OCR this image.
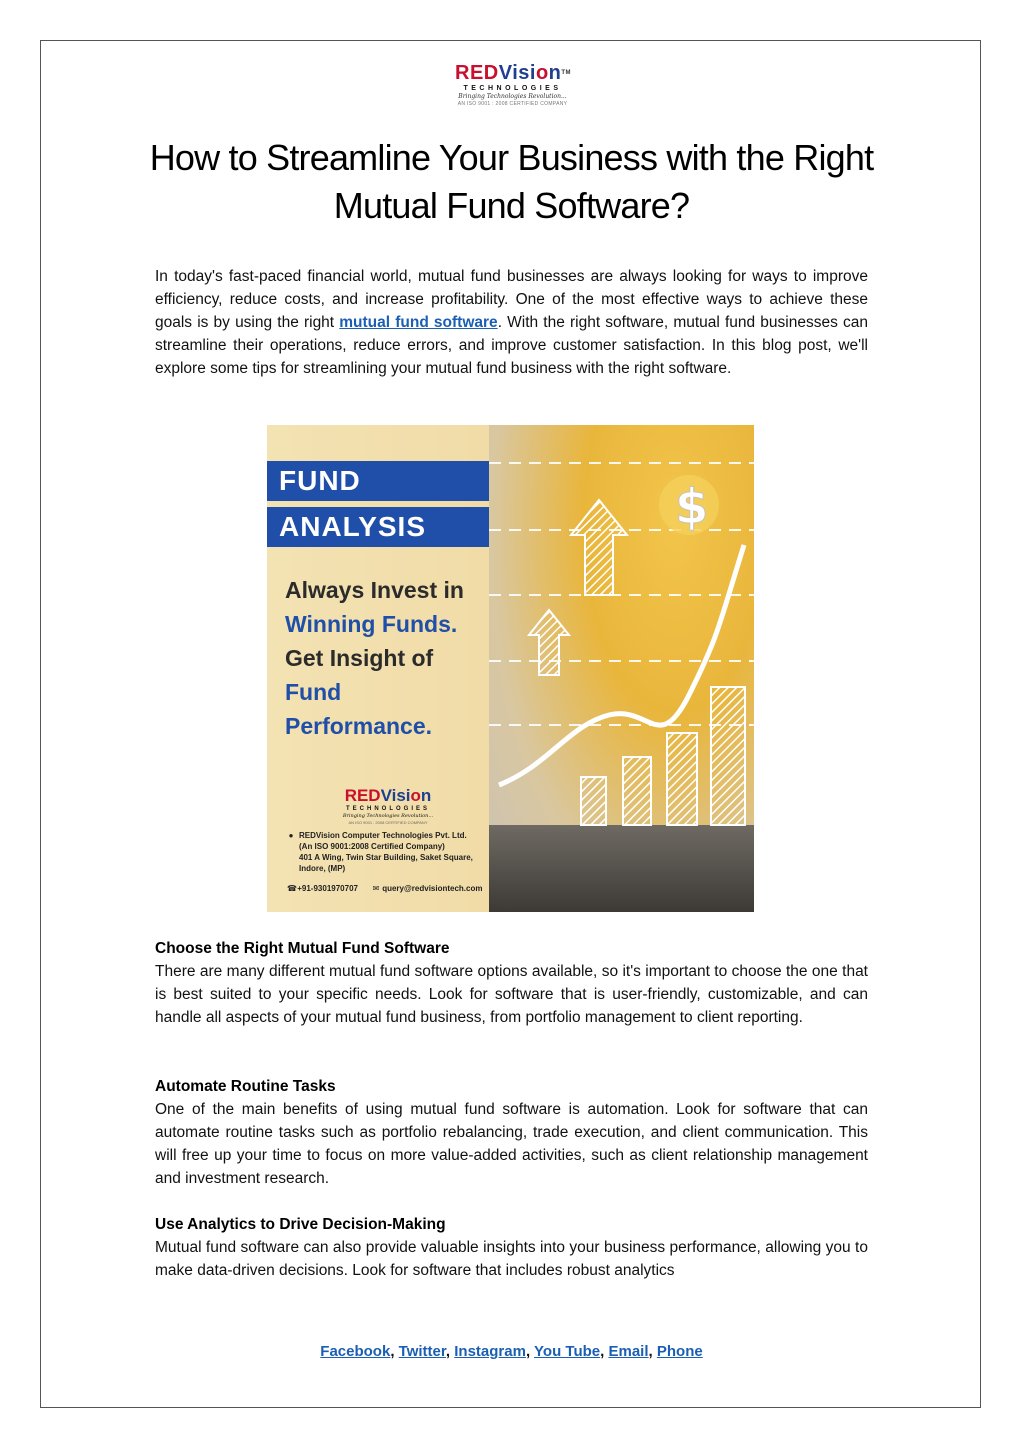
REDVision™
TECHNOLOGIES
Bringing Technologies Revolution...
AN ISO 9001 : 2008 CERTIFIED COMPANY
How to Streamline Your Business with the Right Mutual Fund Software?

In today's fast-paced financial world, mutual fund businesses are always looking for ways to improve efficiency, reduce costs, and increase profitability. One of the most effective ways to achieve these goals is by using the right mutual fund software. With the right software, mutual fund businesses can streamline their operations, reduce errors, and improve customer satisfaction. In this blog post, we'll explore some tips for streamlining your mutual fund business with the right software.

$
FUND
ANALYSIS
Always Invest in
Winning Funds.
Get Insight of
Fund
Performance.
REDVision
TECHNOLOGIES
Bringing Technologies Revolution...
AN ISO 9001 : 2008 CERTIFIED COMPANY
● REDVision Computer Technologies Pvt. Ltd.
(An ISO 9001:2008 Certified Company)
401 A Wing, Twin Star Building, Saket Square,
Indore, (MP)
☎ +91-9301970707 ✉ query@redvisiontech.com

Choose the Right Mutual Fund Software

There are many different mutual fund software options available, so it's important to choose the one that is best suited to your specific needs. Look for software that is user-friendly, customizable, and can handle all aspects of your mutual fund business, from portfolio management to client reporting.

Automate Routine Tasks

One of the main benefits of using mutual fund software is automation. Look for software that can automate routine tasks such as portfolio rebalancing, trade execution, and client communication. This will free up your time to focus on more value-added activities, such as client relationship management and investment research.

Use Analytics to Drive Decision-Making

Mutual fund software can also provide valuable insights into your business performance, allowing you to make data-driven decisions. Look for software that includes robust analytics

Facebook, Twitter, Instagram, You Tube, Email, Phone
